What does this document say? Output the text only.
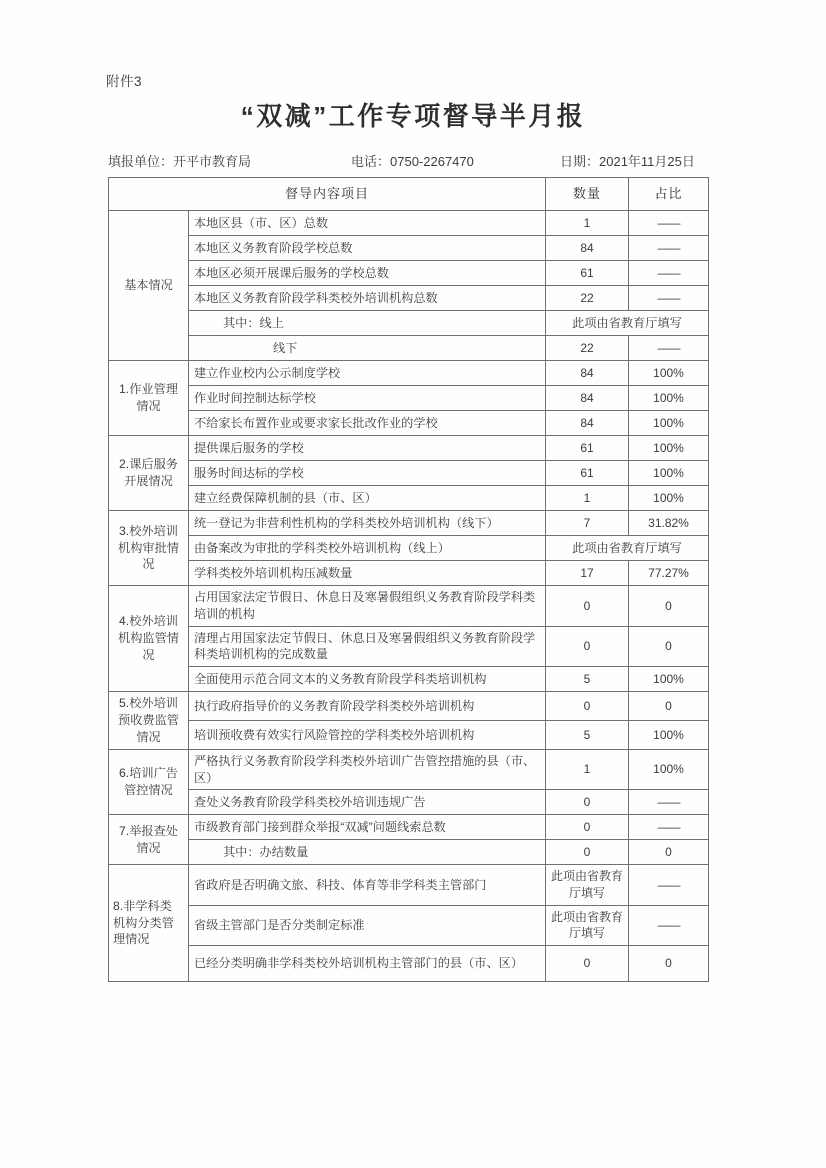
附件3
“双减”工作专项督导半月报
填报单位：开平市教育局	电话：0750-2267470	日期：2021年11月25日
督导内容项目		数量	占比
基本情况	本地区县（市、区）总数	1	——
	本地区义务教育阶段学校总数	84	——
	本地区必须开展课后服务的学校总数	61	——
	本地区义务教育阶段学科类校外培训机构总数	22	——
	其中：线上	此项由省教育厅填写	
	线下	22	——
1.作业管理情况	建立作业校内公示制度学校	84	100%
	作业时间控制达标学校	84	100%
	不给家长布置作业或要求家长批改作业的学校	84	100%
2.课后服务开展情况	提供课后服务的学校	61	100%
	服务时间达标的学校	61	100%
	建立经费保障机制的县（市、区）	1	100%
3.校外培训机构审批情况	统一登记为非营利性机构的学科类校外培训机构（线下）	7	31.82%
	由备案改为审批的学科类校外培训机构（线上）	此项由省教育厅填写	
	学科类校外培训机构压减数量	17	77.27%
4.校外培训机构监管情况	占用国家法定节假日、休息日及寒暑假组织义务教育阶段学科类培训的机构	0	0
	清理占用国家法定节假日、休息日及寒暑假组织义务教育阶段学科类培训机构的完成数量	0	0
	全面使用示范合同文本的义务教育阶段学科类培训机构	5	100%
5.校外培训预收费监管情况	执行政府指导价的义务教育阶段学科类校外培训机构	0	0
	培训预收费有效实行风险管控的学科类校外培训机构	5	100%
6.培训广告管控情况	严格执行义务教育阶段学科类校外培训广告管控措施的县（市、区）	1	100%
	查处义务教育阶段学科类校外培训违规广告	0	——
7.举报查处情况	市级教育部门接到群众举报“双减”问题线索总数	0	——
	其中：办结数量	0	0
8.非学科类机构分类管理情况	省政府是否明确文旅、科技、体育等非学科类主管部门	此项由省教育厅填写	——
	省级主管部门是否分类制定标准	此项由省教育厅填写	——
	已经分类明确非学科类校外培训机构主管部门的县（市、区）	0	0
